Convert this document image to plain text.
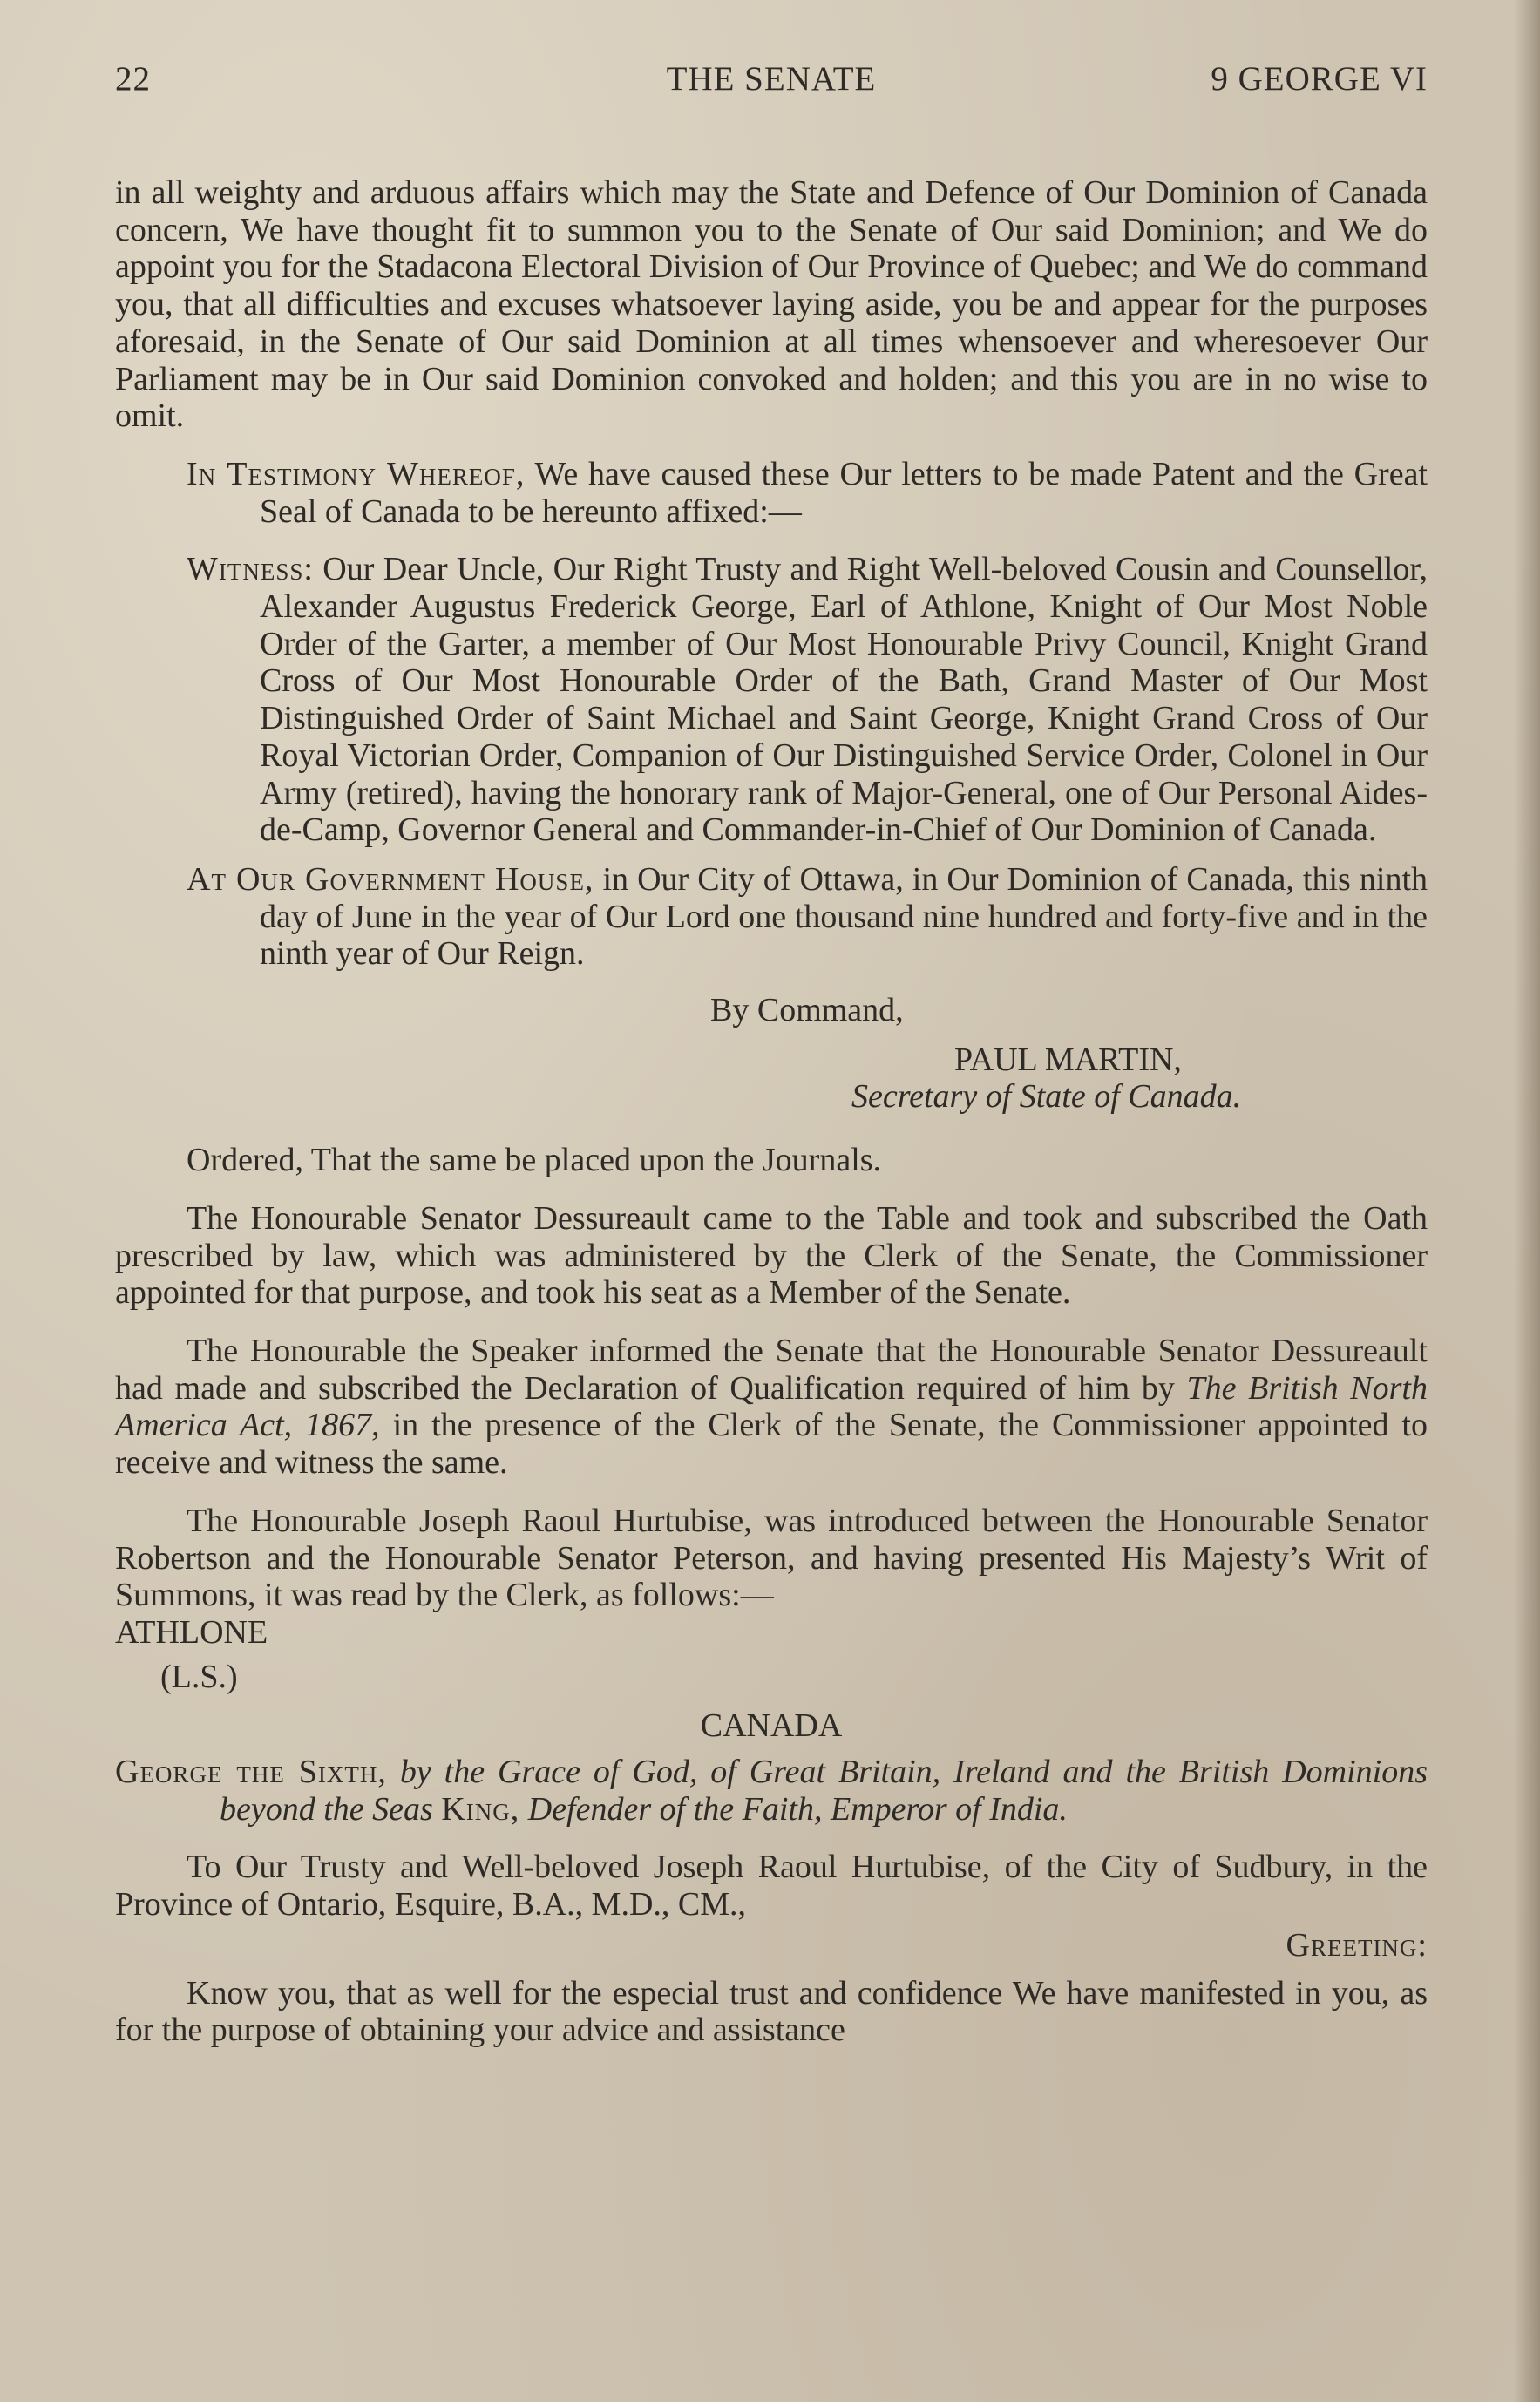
THE SENATE
22	9 GEORGE VI

in all weighty and arduous affairs which may the State and Defence of Our Dominion of Canada concern, We have thought fit to summon you to the Senate of Our said Dominion; and We do appoint you for the Stadacona Electoral Division of Our Province of Quebec; and We do command you, that all difficulties and excuses whatsoever laying aside, you be and appear for the purposes aforesaid, in the Senate of Our said Dominion at all times whensoever and wheresoever Our Parliament may be in Our said Dominion convoked and holden; and this you are in no wise to omit.

In Testimony Whereof, We have caused these Our letters to be made Patent and the Great Seal of Canada to be hereunto affixed:—

Witness: Our Dear Uncle, Our Right Trusty and Right Well-beloved Cousin and Counsellor, Alexander Augustus Frederick George, Earl of Athlone, Knight of Our Most Noble Order of the Garter, a member of Our Most Honourable Privy Council, Knight Grand Cross of Our Most Honourable Order of the Bath, Grand Master of Our Most Distinguished Order of Saint Michael and Saint George, Knight Grand Cross of Our Royal Victorian Order, Companion of Our Distinguished Service Order, Colonel in Our Army (retired), having the honorary rank of Major-General, one of Our Personal Aides-de-Camp, Governor General and Commander-in-Chief of Our Dominion of Canada.

At Our Government House, in Our City of Ottawa, in Our Dominion of Canada, this ninth day of June in the year of Our Lord one thousand nine hundred and forty-five and in the ninth year of Our Reign.

By Command,

PAUL MARTIN,

Secretary of State of Canada.

Ordered, That the same be placed upon the Journals.

The Honourable Senator Dessureault came to the Table and took and subscribed the Oath prescribed by law, which was administered by the Clerk of the Senate, the Commissioner appointed for that purpose, and took his seat as a Member of the Senate.

The Honourable the Speaker informed the Senate that the Honourable Senator Dessureault had made and subscribed the Declaration of Qualification required of him by The British North America Act, 1867, in the presence of the Clerk of the Senate, the Commissioner appointed to receive and witness the same.

The Honourable Joseph Raoul Hurtubise, was introduced between the Honourable Senator Robertson and the Honourable Senator Peterson, and having presented His Majesty’s Writ of Summons, it was read by the Clerk, as follows:—

ATHLONE

(L.S.)

CANADA

George the Sixth, by the Grace of God, of Great Britain, Ireland and the British Dominions beyond the Seas King, Defender of the Faith, Emperor of India.

To Our Trusty and Well-beloved Joseph Raoul Hurtubise, of the City of Sudbury, in the Province of Ontario, Esquire, B.A., M.D., CM.,

Greeting:

Know you, that as well for the especial trust and confidence We have manifested in you, as for the purpose of obtaining your advice and assistance
